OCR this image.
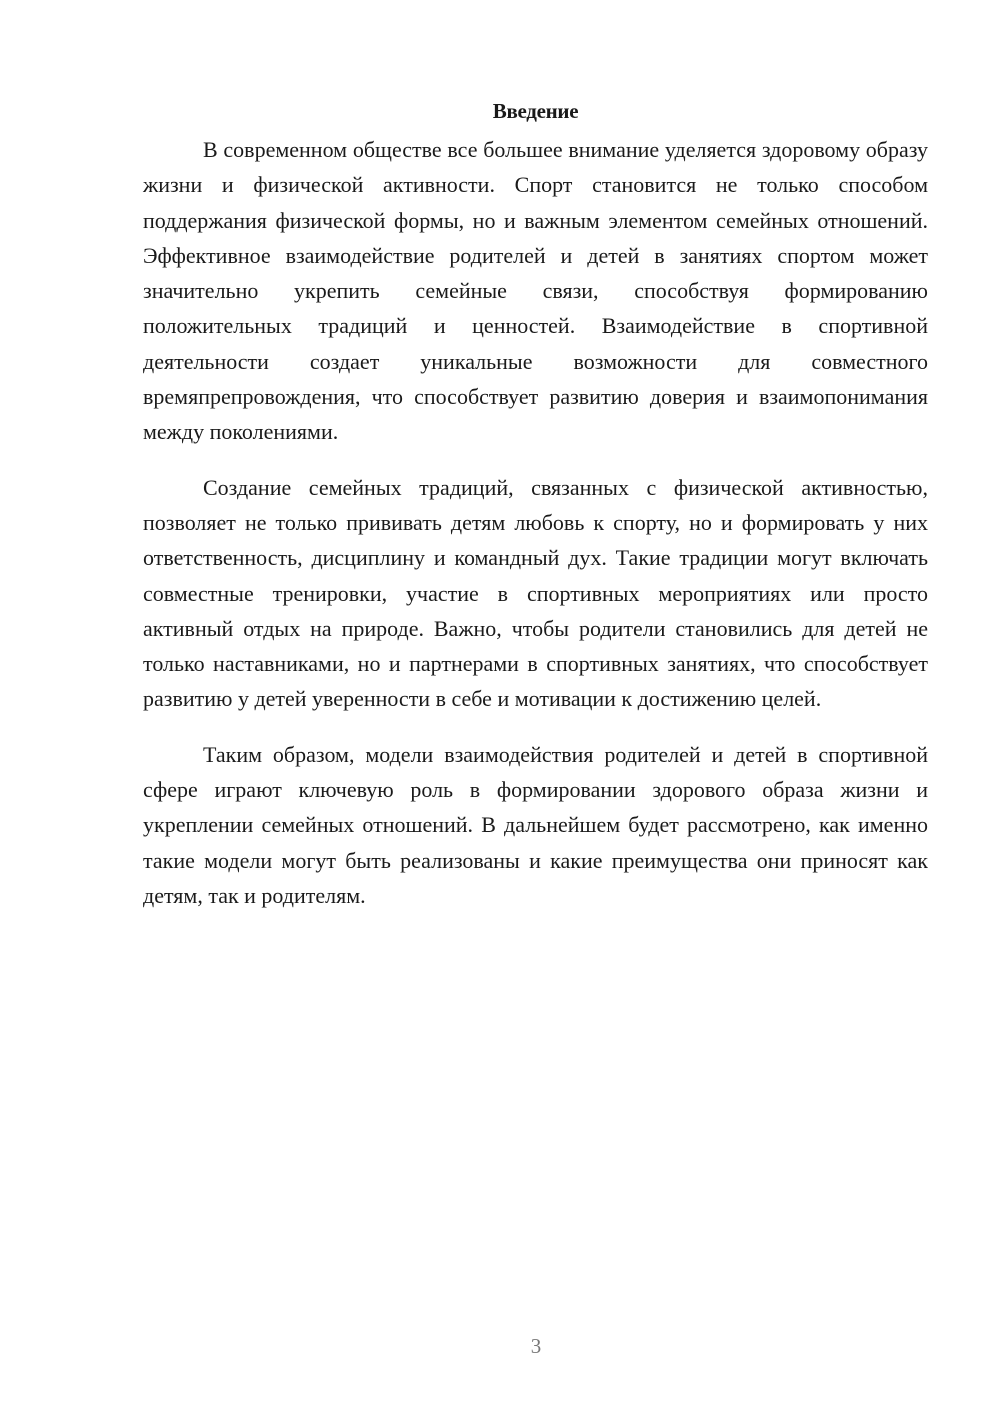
Введение

В современном обществе все большее внимание уделяется здоровому образу жизни и физической активности. Спорт становится не только способом поддержания физической формы, но и важным элементом семейных отношений. Эффективное взаимодействие родителей и детей в занятиях спортом может значительно укрепить семейные связи, способствуя формированию положительных традиций и ценностей. Взаимодействие в спортивной деятельности создает уникальные возможности для совместного времяпрепровождения, что способствует развитию доверия и взаимопонимания между поколениями.

Создание семейных традиций, связанных с физической активностью, позволяет не только прививать детям любовь к спорту, но и формировать у них ответственность, дисциплину и командный дух. Такие традиции могут включать совместные тренировки, участие в спортивных мероприятиях или просто активный отдых на природе. Важно, чтобы родители становились для детей не только наставниками, но и партнерами в спортивных занятиях, что способствует развитию у детей уверенности в себе и мотивации к достижению целей.

Таким образом, модели взаимодействия родителей и детей в спортивной сфере играют ключевую роль в формировании здорового образа жизни и укреплении семейных отношений. В дальнейшем будет рассмотрено, как именно такие модели могут быть реализованы и какие преимущества они приносят как детям, так и родителям.

3
